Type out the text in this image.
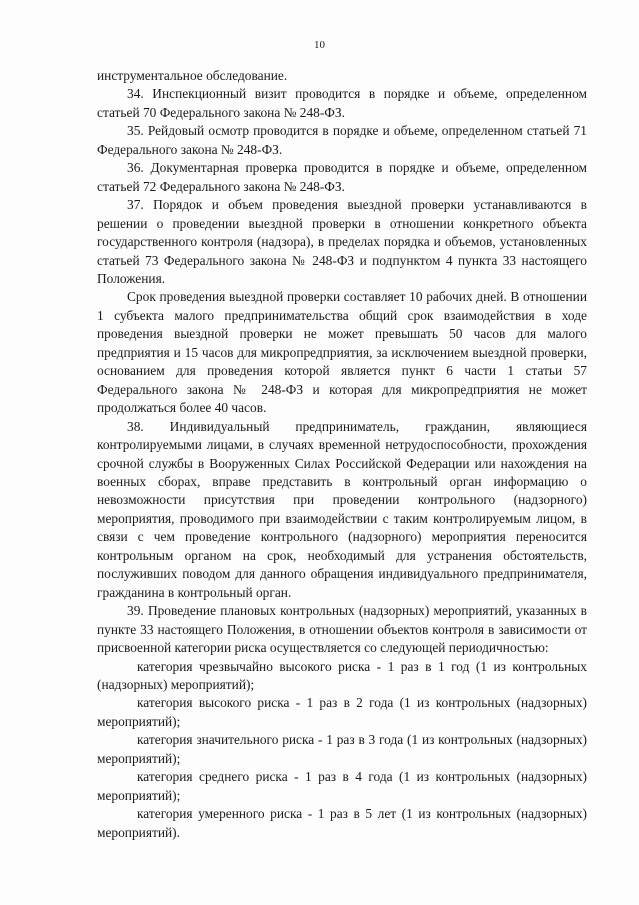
10

инструментальное обследование.

34. Инспекционный визит проводится в порядке и объеме, определенном статьей 70 Федерального закона № 248-ФЗ.

35. Рейдовый осмотр проводится в порядке и объеме, определенном статьей 71 Федерального закона № 248-ФЗ.

36. Документарная проверка проводится в порядке и объеме, определенном статьей 72 Федерального закона № 248-ФЗ.

37. Порядок и объем проведения выездной проверки устанавливаются в решении о проведении выездной проверки в отношении конкретного объекта государственного контроля (надзора), в пределах порядка и объемов, установленных статьей 73 Федерального закона № 248-ФЗ и подпунктом 4 пункта 33 настоящего Положения.

Срок проведения выездной проверки составляет 10 рабочих дней. В отношении 1 субъекта малого предпринимательства общий срок взаимодействия в ходе проведения выездной проверки не может превышать 50 часов для малого предприятия и 15 часов для микропредприятия, за исключением выездной проверки, основанием для проведения которой является пункт 6 части 1 статьи 57 Федерального закона № 248-ФЗ и которая для микропредприятия не может продолжаться более 40 часов.

38. Индивидуальный предприниматель, гражданин, являющиеся контролируемыми лицами, в случаях временной нетрудоспособности, прохождения срочной службы в Вооруженных Силах Российской Федерации или нахождения на военных сборах, вправе представить в контрольный орган информацию о невозможности присутствия при проведении контрольного (надзорного) мероприятия, проводимого при взаимодействии с таким контролируемым лицом, в связи с чем проведение контрольного (надзорного) мероприятия переносится контрольным органом на срок, необходимый для устранения обстоятельств, послуживших поводом для данного обращения индивидуального предпринимателя, гражданина в контрольный орган.

39. Проведение плановых контрольных (надзорных) мероприятий, указанных в пункте 33 настоящего Положения, в отношении объектов контроля в зависимости от присвоенной категории риска осуществляется со следующей периодичностью:

категория чрезвычайно высокого риска - 1 раз в 1 год (1 из контрольных (надзорных) мероприятий);

категория высокого риска - 1 раз в 2 года (1 из контрольных (надзорных) мероприятий);

категория значительного риска - 1 раз в 3 года (1 из контрольных (надзорных) мероприятий);

категория среднего риска - 1 раз в 4 года (1 из контрольных (надзорных) мероприятий);

категория умеренного риска - 1 раз в 5 лет (1 из контрольных (надзорных) мероприятий).
